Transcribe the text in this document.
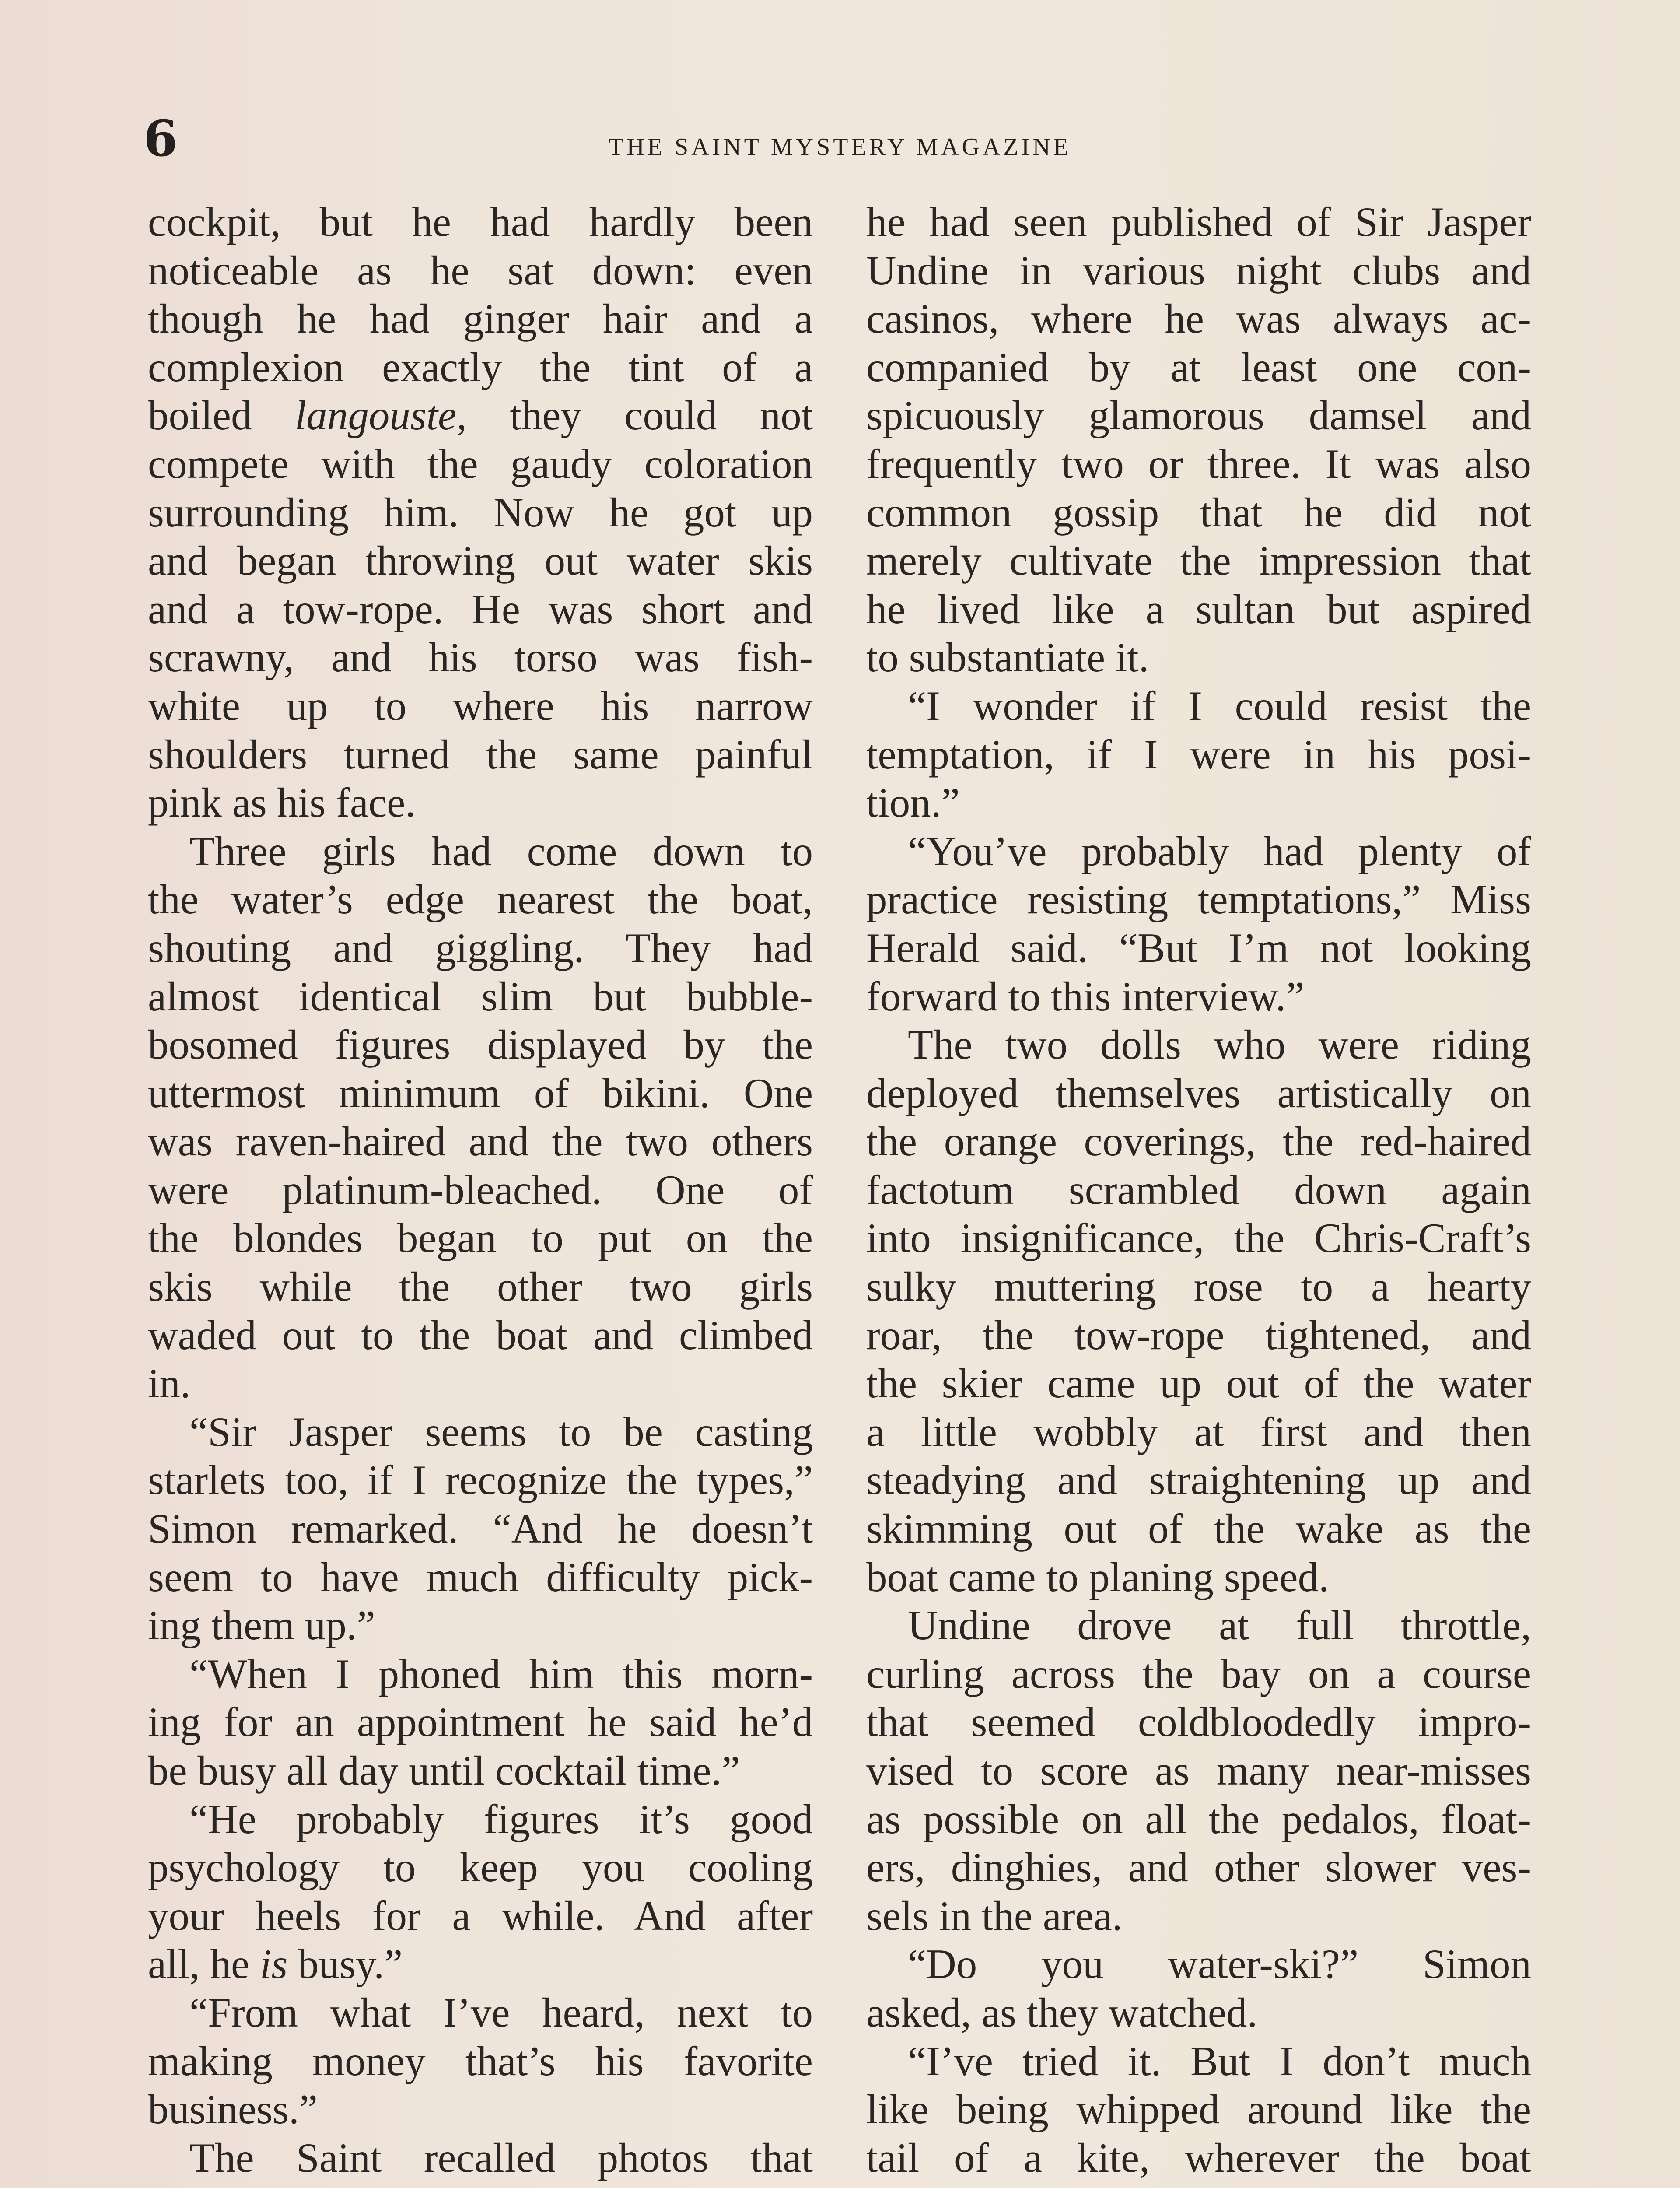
6	THE SAINT MYSTERY MAGAZINE
cockpit, but he had hardly been
noticeable as he sat down: even
though he had ginger hair and a
complexion exactly the tint of a
boiled langouste, they could not
compete with the gaudy coloration
surrounding him. Now he got up
and began throwing out water skis
and a tow-rope. He was short and
scrawny, and his torso was fish-
white up to where his narrow
shoulders turned the same painful
pink as his face.
Three girls had come down to
the water’s edge nearest the boat,
shouting and giggling. They had
almost identical slim but bubble-
bosomed figures displayed by the
uttermost minimum of bikini. One
was raven-haired and the two others
were platinum-bleached. One of
the blondes began to put on the
skis while the other two girls
waded out to the boat and climbed
in.
“Sir Jasper seems to be casting
starlets too, if I recognize the types,”
Simon remarked. “And he doesn’t
seem to have much difficulty pick-
ing them up.”
“When I phoned him this morn-
ing for an appointment he said he’d
be busy all day until cocktail time.”
“He probably figures it’s good
psychology to keep you cooling
your heels for a while. And after
all, he is busy.”
“From what I’ve heard, next to
making money that’s his favorite
business.”
The Saint recalled photos that
he had seen published of Sir Jasper
Undine in various night clubs and
casinos, where he was always ac-
companied by at least one con-
spicuously glamorous damsel and
frequently two or three. It was also
common gossip that he did not
merely cultivate the impression that
he lived like a sultan but aspired
to substantiate it.
“I wonder if I could resist the
temptation, if I were in his posi-
tion.”
“You’ve probably had plenty of
practice resisting temptations,” Miss
Herald said. “But I’m not looking
forward to this interview.”
The two dolls who were riding
deployed themselves artistically on
the orange coverings, the red-haired
factotum scrambled down again
into insignificance, the Chris-Craft’s
sulky muttering rose to a hearty
roar, the tow-rope tightened, and
the skier came up out of the water
a little wobbly at first and then
steadying and straightening up and
skimming out of the wake as the
boat came to planing speed.
Undine drove at full throttle,
curling across the bay on a course
that seemed coldbloodedly impro-
vised to score as many near-misses
as possible on all the pedalos, float-
ers, dinghies, and other slower ves-
sels in the area.
“Do you water-ski?” Simon
asked, as they watched.
“I’ve tried it. But I don’t much
like being whipped around like the
tail of a kite, wherever the boat
